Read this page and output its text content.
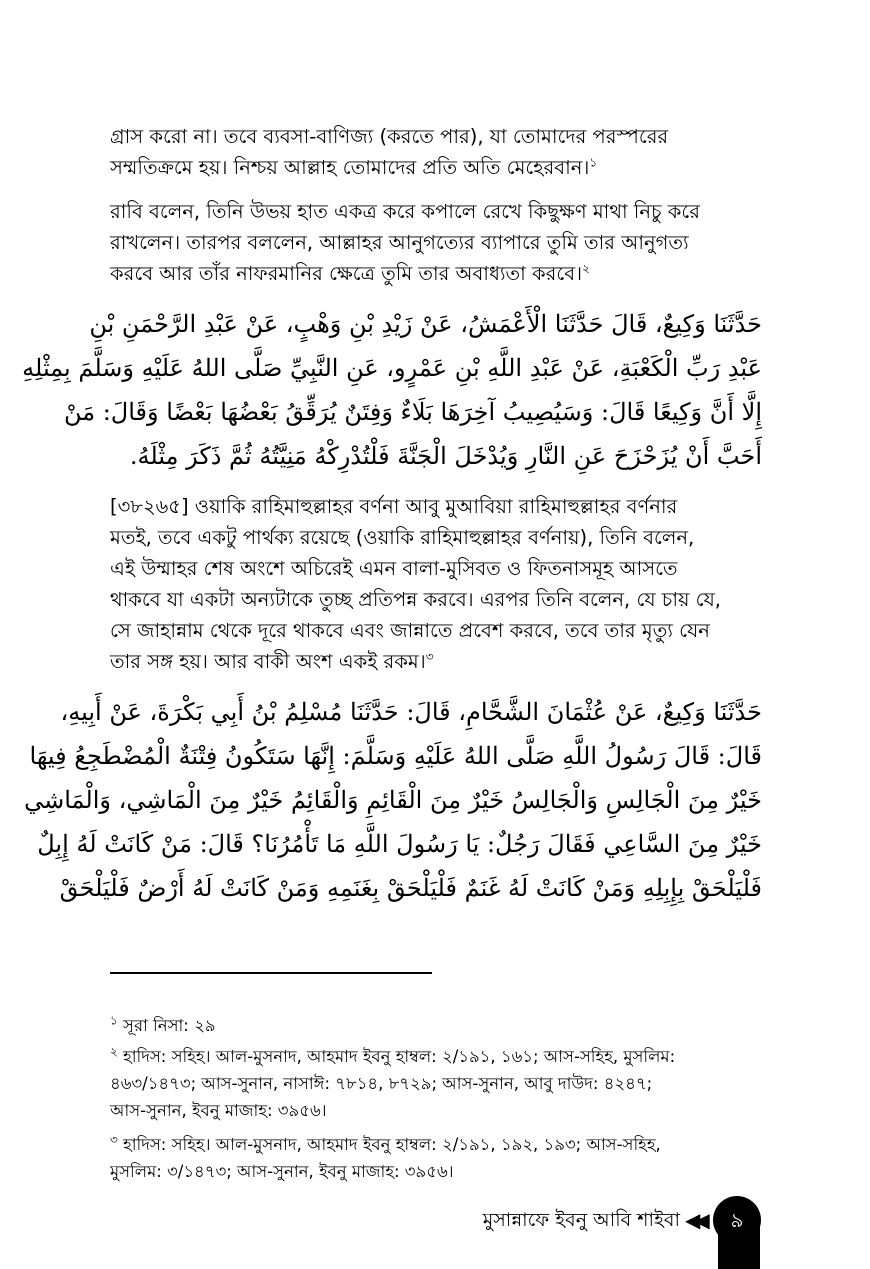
গ্রাস করো না। তবে ব্যবসা-বাণিজ্য (করতে পার), যা তোমাদের পরস্পরের
সম্মতিক্রমে হয়। নিশ্চয় আল্লাহ তোমাদের প্রতি অতি মেহেরবান।$^১$
রাবি বলেন, তিনি উভয় হাত একত্র করে কপালে রেখে কিছুক্ষণ মাথা নিচু করে
রাখলেন। তারপর বললেন, আল্লাহর আনুগত্যের ব্যাপারে তুমি তার আনুগত্য
করবে আর তাঁর নাফরমানির ক্ষেত্রে তুমি তার অবাধ্যতা করবে।$^২$
حَدَّثَنَا وَكِيعٌ، قَالَ حَدَّثَنَا الْأَعْمَشُ، عَنْ زَيْدِ بْنِ وَهْبٍ، عَنْ عَبْدِ الرَّحْمَنِ بْنِ
عَبْدِ رَبِّ الْكَعْبَةِ، عَنْ عَبْدِ اللَّهِ بْنِ عَمْرٍو، عَنِ النَّبِيِّ صَلَّى اللهُ عَلَيْهِ وَسَلَّمَ بِمِثْلِهِ
إِلَّا أَنَّ وَكِيعًا قَالَ: وَسَيُصِيبُ آخِرَهَا بَلَاءٌ وَفِتَنٌ يُرَقِّقُ بَعْضُهَا بَعْضًا وَقَالَ: مَنْ
أَحَبَّ أَنْ يُزَحْزَحَ عَنِ النَّارِ وَيُدْخَلَ الْجَنَّةَ فَلْتُدْرِكْهُ مَنِيَّتُهُ ثُمَّ ذَكَرَ مِثْلَهُ.
[৩৮২৬৫] ওয়াকি রাহিমাহুল্লাহর বর্ণনা আবু মুআবিয়া রাহিমাহুল্লাহর বর্ণনার
মতই, তবে একটু পার্থক্য রয়েছে (ওয়াকি রাহিমাহুল্লাহর বর্ণনায়), তিনি বলেন,
এই উম্মাহর শেষ অংশে অচিরেই এমন বালা-মুসিবত ও ফিতনাসমূহ আসতে
থাকবে যা একটা অন্যটাকে তুচ্ছ প্রতিপন্ন করবে। এরপর তিনি বলেন, যে চায় যে,
সে জাহান্নাম থেকে দূরে থাকবে এবং জান্নাতে প্রবেশ করবে, তবে তার মৃত্যু যেন
তার সঙ্গ হয়। আর বাকী অংশ একই রকম।$^৩$
حَدَّثَنَا وَكِيعٌ، عَنْ عُثْمَانَ الشَّحَّامِ، قَالَ: حَدَّثَنَا مُسْلِمُ بْنُ أَبِي بَكْرَةَ، عَنْ أَبِيهِ،
قَالَ: قَالَ رَسُولُ اللَّهِ صَلَّى اللهُ عَلَيْهِ وَسَلَّمَ: إِنَّهَا سَتَكُونُ فِتْنَةٌ الْمُضْطَجِعُ فِيهَا
خَيْرٌ مِنَ الْجَالِسِ وَالْجَالِسُ خَيْرٌ مِنَ الْقَائِمِ وَالْقَائِمُ خَيْرٌ مِنَ الْمَاشِي، وَالْمَاشِي
خَيْرٌ مِنَ السَّاعِي فَقَالَ رَجُلٌ: يَا رَسُولَ اللَّهِ مَا تَأْمُرُنَا؟ قَالَ: مَنْ كَانَتْ لَهُ إِبِلٌ
فَلْيَلْحَقْ بِإِبِلِهِ وَمَنْ كَانَتْ لَهُ غَنَمٌ فَلْيَلْحَقْ بِغَنَمِهِ وَمَنْ كَانَتْ لَهُ أَرْضٌ فَلْيَلْحَقْ
$^১$ সূরা নিসা: ২৯
$^২$ হাদিস: সহিহ। আল-মুসনাদ, আহমাদ ইবনু হাম্বল: ২/১৯১, ১৬১; আস-সহিহ, মুসলিম:
৪৬৩/১৪৭৩; আস-সুনান, নাসাঈ: ৭৮১৪, ৮৭২৯; আস-সুনান, আবু দাউদ: ৪২৪৭;
আস-সুনান, ইবনু মাজাহ: ৩৯৫৬।
$^৩$ হাদিস: সহিহ। আল-মুসনাদ, আহমাদ ইবনু হাম্বল: ২/১৯১, ১৯২, ১৯৩; আস-সহিহ,
মুসলিম: ৩/১৪৭৩; আস-সুনান, ইবনু মাজাহ: ৩৯৫৬।
মুসান্নাফে ইবনু আবি শাইবা ◀◀	৯
